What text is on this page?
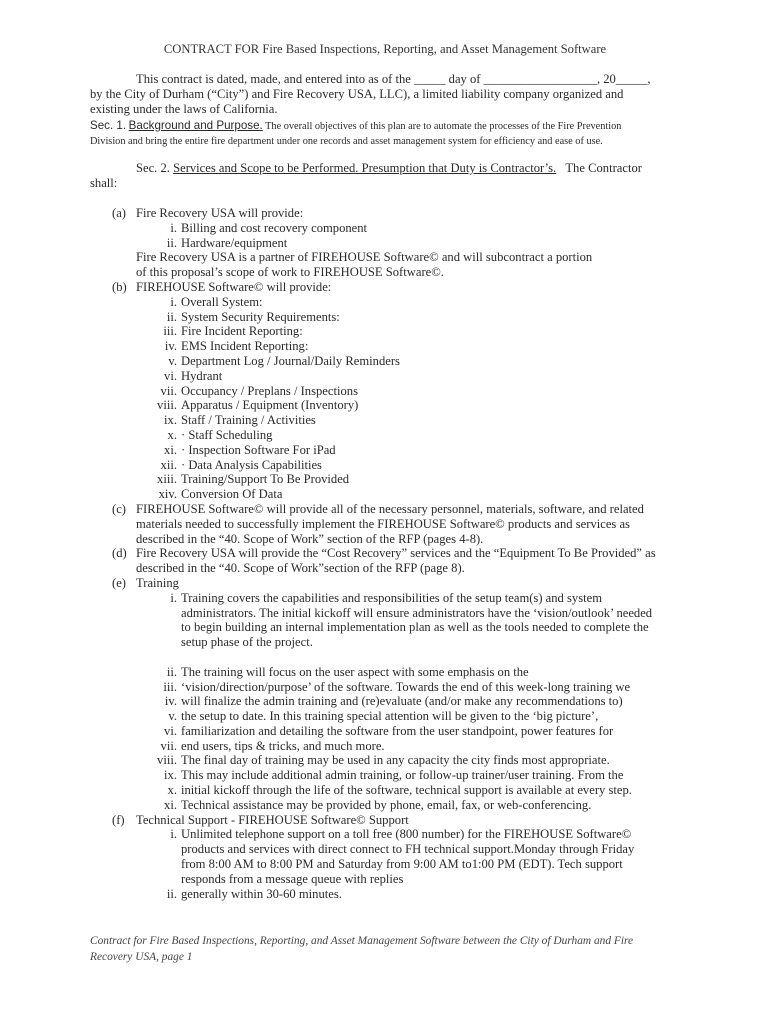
CONTRACT FOR Fire Based Inspections, Reporting, and Asset Management Software

This contract is dated, made, and entered into as of the _____ day of __________________, 20_____,

by the City of Durham (“City”) and Fire Recovery USA, LLC), a limited liability company organized and

existing under the laws of California.

Sec. 1. Background and Purpose. The overall objectives of this plan are to automate the processes of the Fire Prevention
Division and bring the entire fire department under one records and asset management system for efficiency and ease of use.
Sec. 2. Services and Scope to be Performed. Presumption that Duty is Contractor’s. The Contractor
shall:
(a) Fire Recovery USA will provide:
i. Billing and cost recovery component
ii. Hardware/equipment
Fire Recovery USA is a partner of FIREHOUSE Software© and will subcontract a portion
of this proposal’s scope of work to FIREHOUSE Software©.
(b) FIREHOUSE Software© will provide:
i. Overall System:
ii. System Security Requirements:
iii. Fire Incident Reporting:
iv. EMS Incident Reporting:
v. Department Log / Journal/Daily Reminders
vi. Hydrant
vii. Occupancy / Preplans / Inspections
viii. Apparatus / Equipment (Inventory)
ix. Staff / Training / Activities
x. · Staff Scheduling
xi. · Inspection Software For iPad
xii. · Data Analysis Capabilities
xiii. Training/Support To Be Provided
xiv. Conversion Of Data
(c) FIREHOUSE Software© will provide all of the necessary personnel, materials, software, and related
materials needed to successfully implement the FIREHOUSE Software© products and services as
described in the “40. Scope of Work” section of the RFP (pages 4-8).
(d) Fire Recovery USA will provide the “Cost Recovery” services and the “Equipment To Be Provided” as
described in the “40. Scope of Work”section of the RFP (page 8).
(e) Training
i. Training covers the capabilities and responsibilities of the setup team(s) and system
administrators. The initial kickoff will ensure administrators have the ‘vision/outlook’ needed
to begin building an internal implementation plan as well as the tools needed to complete the
setup phase of the project.
ii. The training will focus on the user aspect with some emphasis on the
iii. ‘vision/direction/purpose’ of the software. Towards the end of this week-long training we
iv. will finalize the admin training and (re)evaluate (and/or make any recommendations to)
v. the setup to date. In this training special attention will be given to the ‘big picture’,
vi. familiarization and detailing the software from the user standpoint, power features for
vii. end users, tips & tricks, and much more.
viii. The final day of training may be used in any capacity the city finds most appropriate.
ix. This may include additional admin training, or follow-up trainer/user training. From the
x. initial kickoff through the life of the software, technical support is available at every step.
xi. Technical assistance may be provided by phone, email, fax, or web-conferencing.
(f) Technical Support - FIREHOUSE Software© Support
i. Unlimited telephone support on a toll free (800 number) for the FIREHOUSE Software©
products and services with direct connect to FH technical support.Monday through Friday
from 8:00 AM to 8:00 PM and Saturday from 9:00 AM to1:00 PM (EDT). Tech support
responds from a message queue with replies
ii. generally within 30-60 minutes.
Contract for Fire Based Inspections, Reporting, and Asset Management Software between the City of Durham and Fire
Recovery USA, page 1
